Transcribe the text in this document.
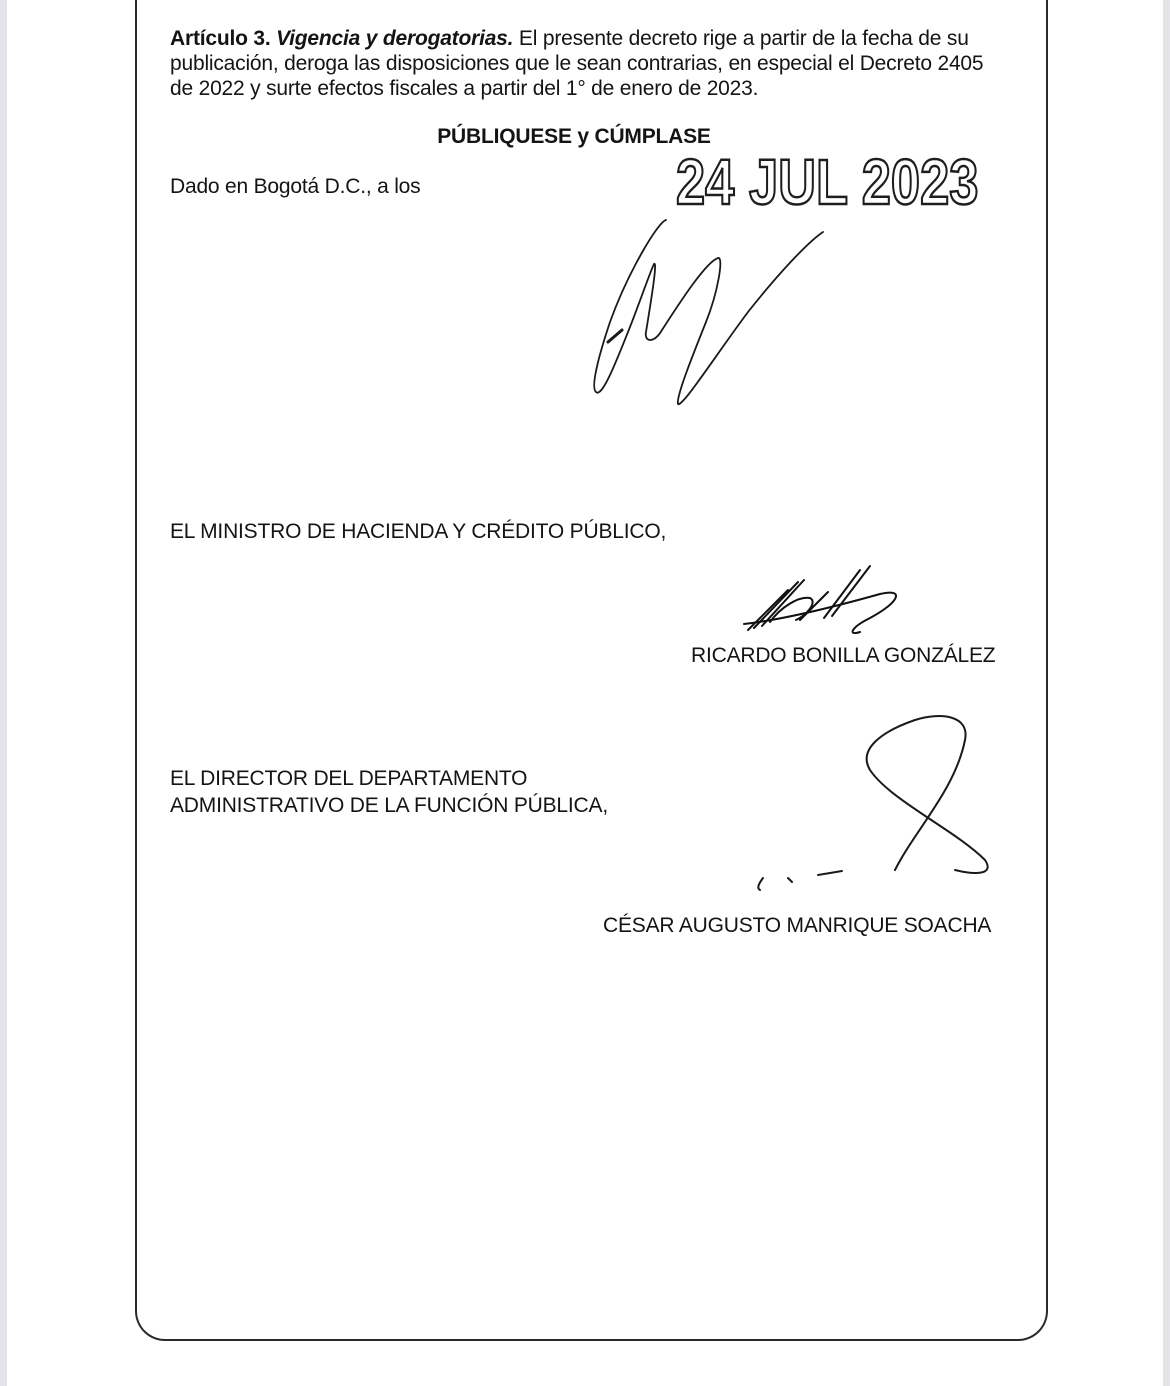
Artículo 3. Vigencia y derogatorias. El presente decreto rige a partir de la fecha de su
publicación, deroga las disposiciones que le sean contrarias, en especial el Decreto 2405
de 2022 y surte efectos fiscales a partir del 1° de enero de 2023.
PÚBLIQUESE y CÚMPLASE
Dado en Bogotá D.C., a los	24 JUL 2023
EL MINISTRO DE HACIENDA Y CRÉDITO PÚBLICO,
RICARDO BONILLA GONZÁLEZ
EL DIRECTOR DEL DEPARTAMENTO
ADMINISTRATIVO DE LA FUNCIÓN PÚBLICA,
CÉSAR AUGUSTO MANRIQUE SOACHA
